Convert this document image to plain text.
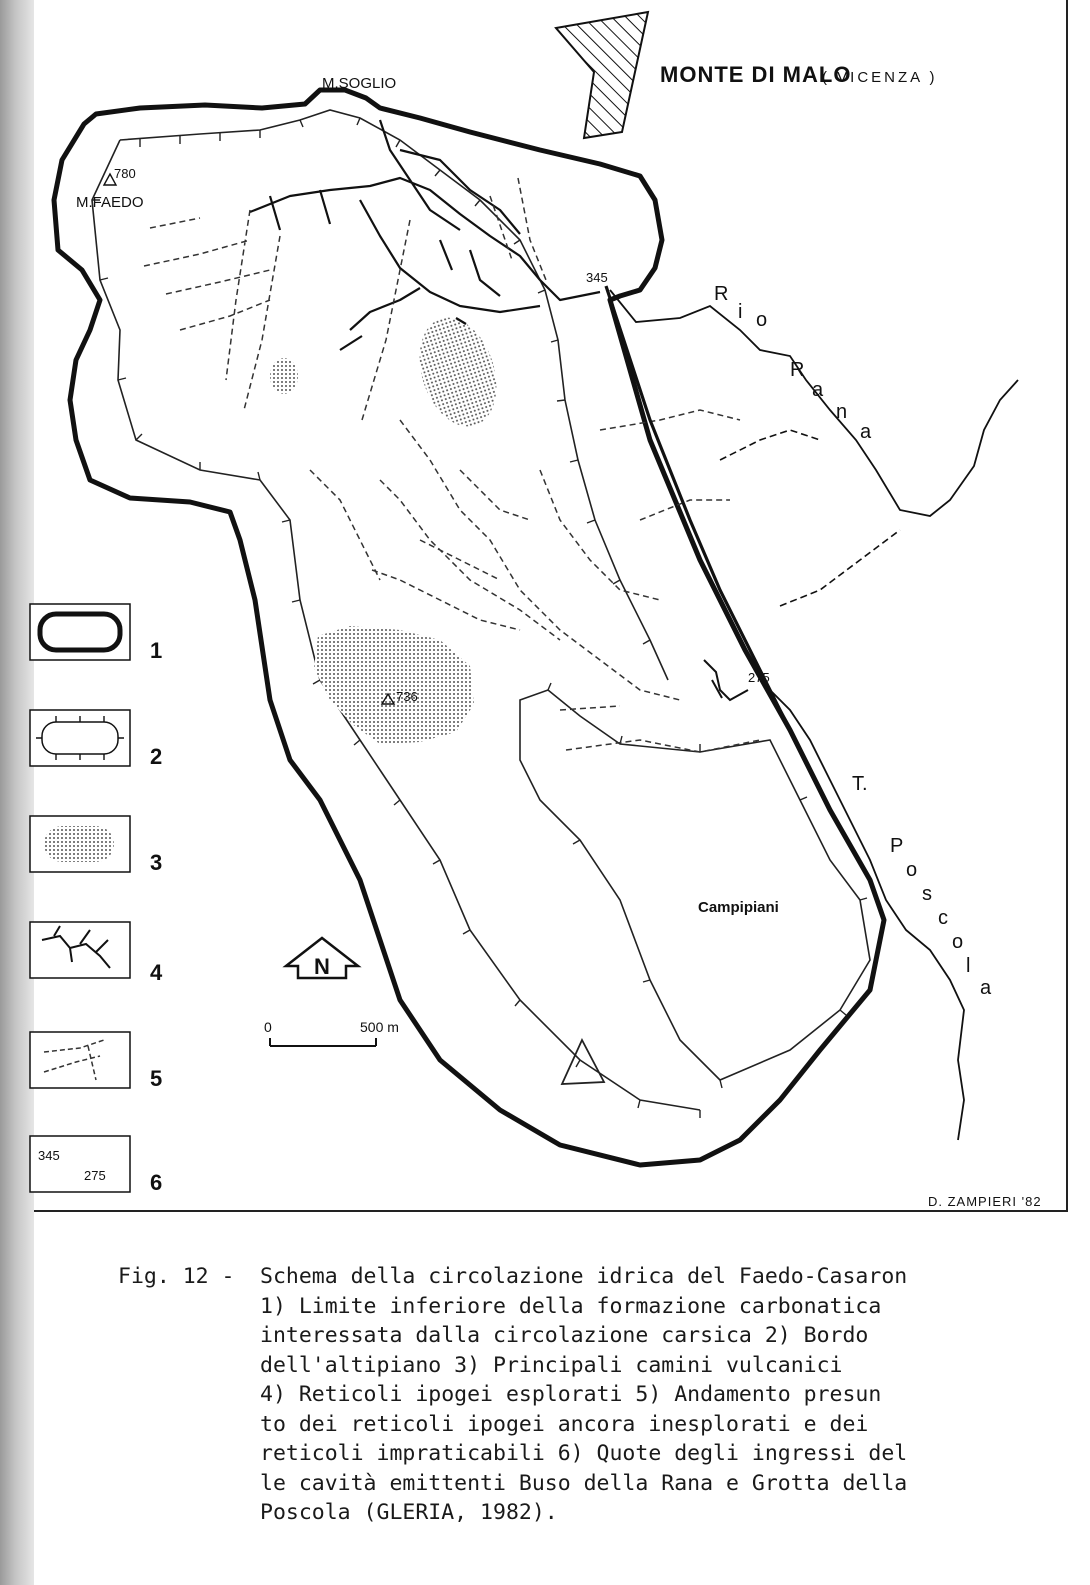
MONTE DI MALO
( VICENZA )
M.SOGLIO
M.FAEDO
780
345
275
736
Campipiani
R
i o
R
a
n
a
T.
P
o
s
c
o
l
a
N
0	500 m
1
2
3
4
5
345
275 6
D. ZAMPIERI '82
Fig. 12 - Schema della circolazione idrica del Faedo-Casaron
1) Limite inferiore della formazione carbonatica
interessata dalla circolazione carsica 2) Bordo
dell'altipiano 3) Principali camini vulcanici
4) Reticoli ipogei esplorati 5) Andamento presun
to dei reticoli ipogei ancora inesplorati e dei
reticoli impraticabili 6) Quote degli ingressi del
le cavità emittenti Buso della Rana e Grotta della
Poscola (GLERIA, 1982).
